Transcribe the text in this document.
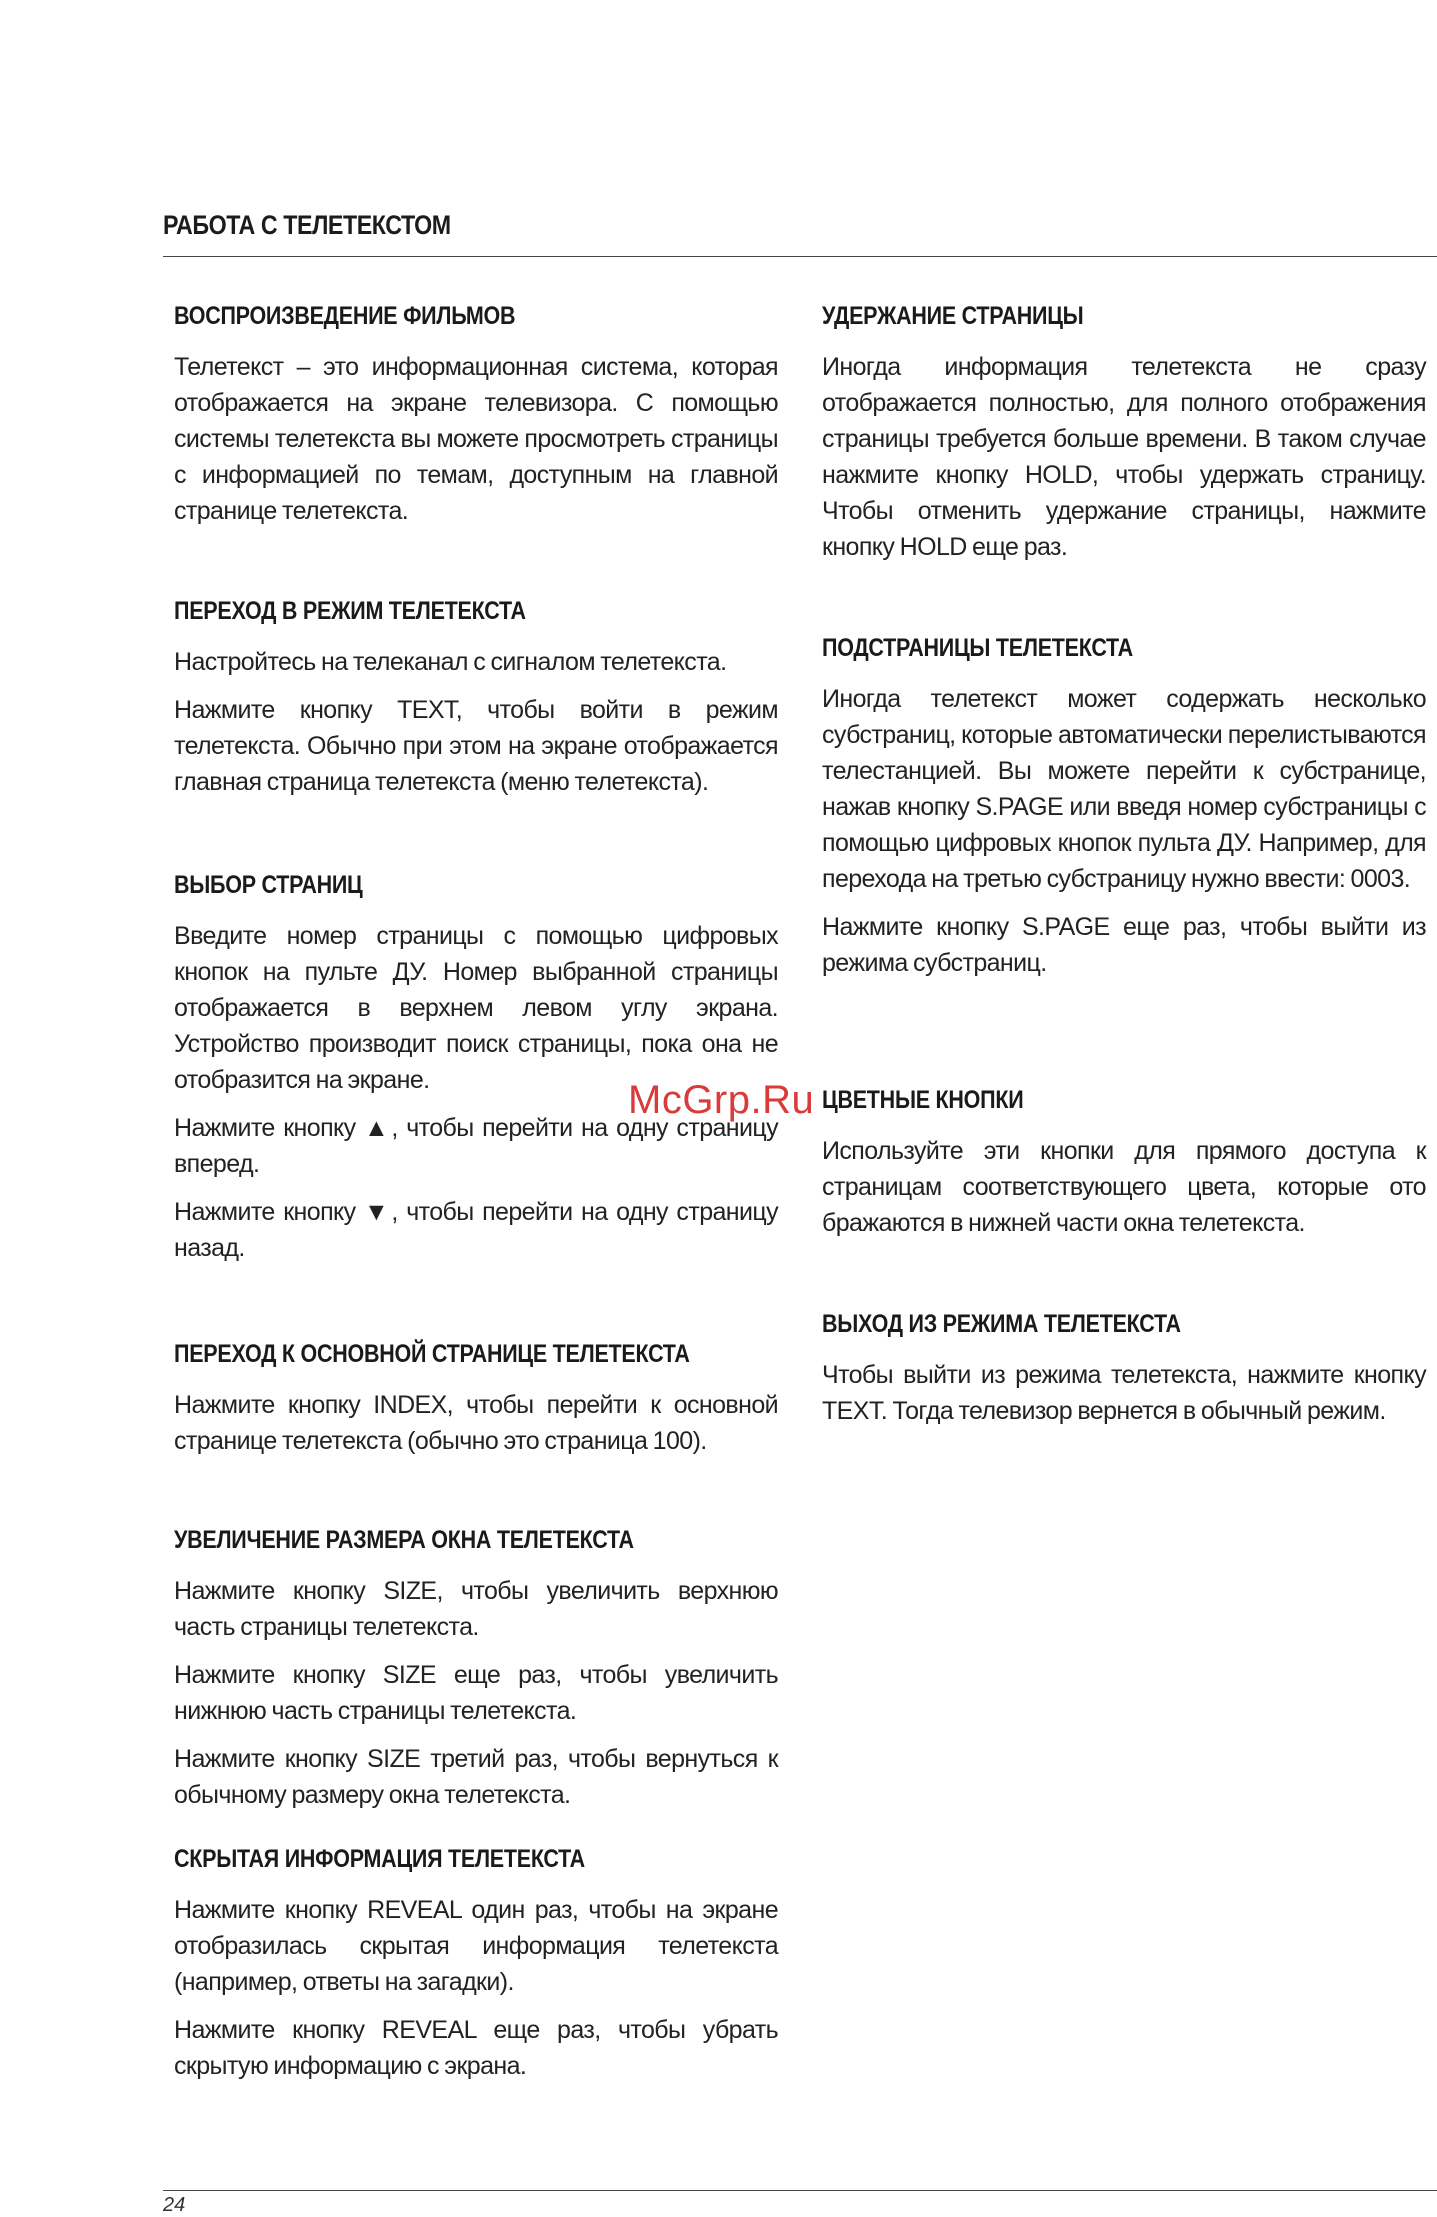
РАБОТА С ТЕЛЕТЕКСТОМ
ВОСПРОИЗВЕДЕНИЕ ФИЛЬМОВ

Телетекст – это информационная система, которая отображается на экране телевизора. С помощью системы телетекста вы можете просмотреть страницы с информацией по темам, доступным на главной странице телетекста.

ПЕРЕХОД В РЕЖИМ ТЕЛЕТЕКСТА

Настройтесь на телеканал с сигналом телетекста.

Нажмите кнопку TEXT, чтобы войти в режим телетекста. Обычно при этом на экране отображается главная страница телетекста (меню телетекста).

ВЫБОР СТРАНИЦ

Введите номер страницы с помощью цифровых кнопок на пульте ДУ. Номер выбранной страницы отображается в верхнем левом углу экрана. Устройство производит поиск страницы, пока она не отобразится на экране.

Нажмите кнопку ▲, чтобы перейти на одну страницу вперед.

Нажмите кнопку ▼, чтобы перейти на одну страницу назад.

ПЕРЕХОД К ОСНОВНОЙ СТРАНИЦЕ ТЕЛЕТЕКСТА

Нажмите кнопку INDEX, чтобы перейти к основной странице телетекста (обычно это страница 100).

УВЕЛИЧЕНИЕ РАЗМЕРА ОКНА ТЕЛЕТЕКСТА

Нажмите кнопку SIZE, чтобы увеличить верхнюю часть страницы телетекста.

Нажмите кнопку SIZE еще раз, чтобы увеличить нижнюю часть страницы телетекста.

Нажмите кнопку SIZE третий раз, чтобы вернуться к обычному размеру окна телетекста.

СКРЫТАЯ ИНФОРМАЦИЯ ТЕЛЕТЕКСТА

Нажмите кнопку REVEAL один раз, чтобы на экране отобразилась скрытая информация телетекста (например, ответы на загадки).

Нажмите кнопку REVEAL еще раз, чтобы убрать скрытую информацию с экрана.

УДЕРЖАНИЕ СТРАНИЦЫ

Иногда информация телетекста не сразу отображается полностью, для полного отображения страницы требуется больше времени. В таком случае нажмите кнопку HOLD, чтобы удержать страницу. Чтобы отменить удержание страницы, нажмите кнопку HOLD еще раз.

ПОДСТРАНИЦЫ ТЕЛЕТЕКСТА

Иногда телетекст может содержать несколько субстраниц, которые автоматически перелистываются телестанцией. Вы можете перейти к субстранице, нажав кнопку S.PAGE или введя номер субстраницы с помощью цифровых кнопок пульта ДУ. Например, для перехода на третью субстраницу нужно ввести: 0003.

Нажмите кнопку S.PAGE еще раз, чтобы выйти из режима субстраниц.

ЦВЕТНЫЕ КНОПКИ

Используйте эти кнопки для прямого доступа к страницам соответствующего цвета, которые ото бражаются в нижней части окна телетекста.

ВЫХОД ИЗ РЕЖИМА ТЕЛЕТЕКСТА

Чтобы выйти из режима телетекста, нажмите кнопку TEXT. Тогда телевизор вернется в обычный режим.

McGrp.Ru
24
